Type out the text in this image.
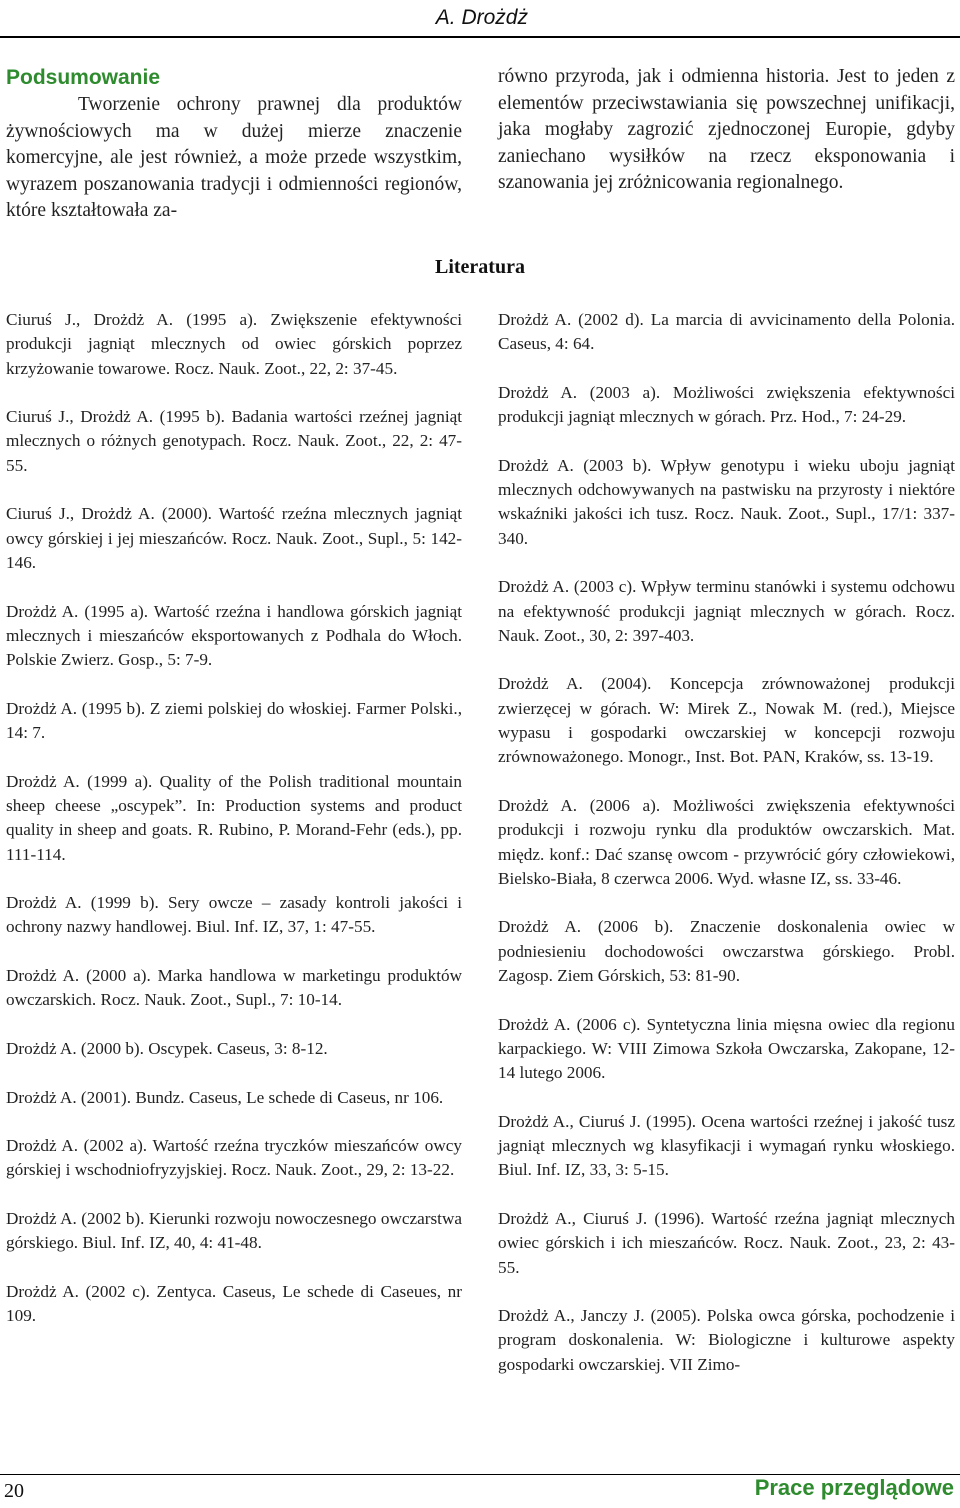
A. Drożdż
Podsumowanie

Tworzenie ochrony prawnej dla produktów żywnościowych ma w dużej mierze znaczenie komercyjne, ale jest również, a może przede wszystkim, wyrazem poszanowania tradycji i odmienności regionów, które kształtowała za-

równo przyroda, jak i odmienna historia. Jest to jeden z elementów przeciwstawiania się powszechnej unifikacji, jaka mogłaby zagrozić zjednoczonej Europie, gdyby zaniechano wysiłków na rzecz eksponowania i szanowania jej zróżnicowania regionalnego.

Literatura

Ciuruś J., Drożdż A. (1995 a). Zwiększenie efektywności produkcji jagniąt mlecznych od owiec górskich poprzez krzyżowanie towarowe. Rocz. Nauk. Zoot., 22, 2: 37-45.

Ciuruś J., Drożdż A. (1995 b). Badania wartości rzeźnej jagniąt mlecznych o różnych genotypach. Rocz. Nauk. Zoot., 22, 2: 47-55.

Ciuruś J., Drożdż A. (2000). Wartość rzeźna mlecznych jagniąt owcy górskiej i jej mieszańców. Rocz. Nauk. Zoot., Supl., 5: 142-146.

Drożdż A. (1995 a). Wartość rzeźna i handlowa górskich jagniąt mlecznych i mieszańców eksportowanych z Podhala do Włoch. Polskie Zwierz. Gosp., 5: 7-9.

Drożdż A. (1995 b). Z ziemi polskiej do włoskiej. Farmer Polski., 14: 7.

Drożdż A. (1999 a). Quality of the Polish traditional mountain sheep cheese „oscypek”. In: Production systems and product quality in sheep and goats. R. Rubino, P. Morand-Fehr (eds.), pp. 111-114.

Drożdż A. (1999 b). Sery owcze – zasady kontroli jakości i ochrony nazwy handlowej. Biul. Inf. IZ, 37, 1: 47-55.

Drożdż A. (2000 a). Marka handlowa w marketingu produktów owczarskich. Rocz. Nauk. Zoot., Supl., 7: 10-14.

Drożdż A. (2000 b). Oscypek. Caseus, 3: 8-12.

Drożdż A. (2001). Bundz. Caseus, Le schede di Caseus, nr 106.

Drożdż A. (2002 a). Wartość rzeźna tryczków mieszańców owcy górskiej i wschodniofryzyjskiej. Rocz. Nauk. Zoot., 29, 2: 13-22.

Drożdż A. (2002 b). Kierunki rozwoju nowoczesnego owczarstwa górskiego. Biul. Inf. IZ, 40, 4: 41-48.

Drożdż A. (2002 c). Zentyca. Caseus, Le schede di Caseues, nr 109.

Drożdż A. (2002 d). La marcia di avvicinamento della Polonia. Caseus, 4: 64.

Drożdż A. (2003 a). Możliwości zwiększenia efektywności produkcji jagniąt mlecznych w górach. Prz. Hod., 7: 24-29.

Drożdż A. (2003 b). Wpływ genotypu i wieku uboju jagniąt mlecznych odchowywanych na pastwisku na przyrosty i niektóre wskaźniki jakości ich tusz. Rocz. Nauk. Zoot., Supl., 17/1: 337-340.

Drożdż A. (2003 c). Wpływ terminu stanówki i systemu odchowu na efektywność produkcji jagniąt mlecznych w górach. Rocz. Nauk. Zoot., 30, 2: 397-403.

Drożdż A. (2004). Koncepcja zrównoważonej produkcji zwierzęcej w górach. W: Mirek Z., Nowak M. (red.), Miejsce wypasu i gospodarki owczarskiej w koncepcji rozwoju zrównoważonego. Monogr., Inst. Bot. PAN, Kraków, ss. 13-19.

Drożdż A. (2006 a). Możliwości zwiększenia efektywności produkcji i rozwoju rynku dla produktów owczarskich. Mat. międz. konf.: Dać szansę owcom - przywrócić góry człowiekowi, Bielsko-Biała, 8 czerwca 2006. Wyd. własne IZ, ss. 33-46.

Drożdż A. (2006 b). Znaczenie doskonalenia owiec w podniesieniu dochodowości owczarstwa górskiego. Probl. Zagosp. Ziem Górskich, 53: 81-90.

Drożdż A. (2006 c). Syntetyczna linia mięsna owiec dla regionu karpackiego. W: VIII Zimowa Szkoła Owczarska, Zakopane, 12-14 lutego 2006.

Drożdż A., Ciuruś J. (1995). Ocena wartości rzeźnej i jakość tusz jagniąt mlecznych wg klasyfikacji i wymagań rynku włoskiego. Biul. Inf. IZ, 33, 3: 5-15.

Drożdż A., Ciuruś J. (1996). Wartość rzeźna jagniąt mlecznych owiec górskich i ich mieszańców. Rocz. Nauk. Zoot., 23, 2: 43-55.

Drożdż A., Janczy J. (2005). Polska owca górska, pochodzenie i program doskonalenia. W: Biologiczne i kulturowe aspekty gospodarki owczarskiej. VII Zimo-

20	Prace przeglądowe
